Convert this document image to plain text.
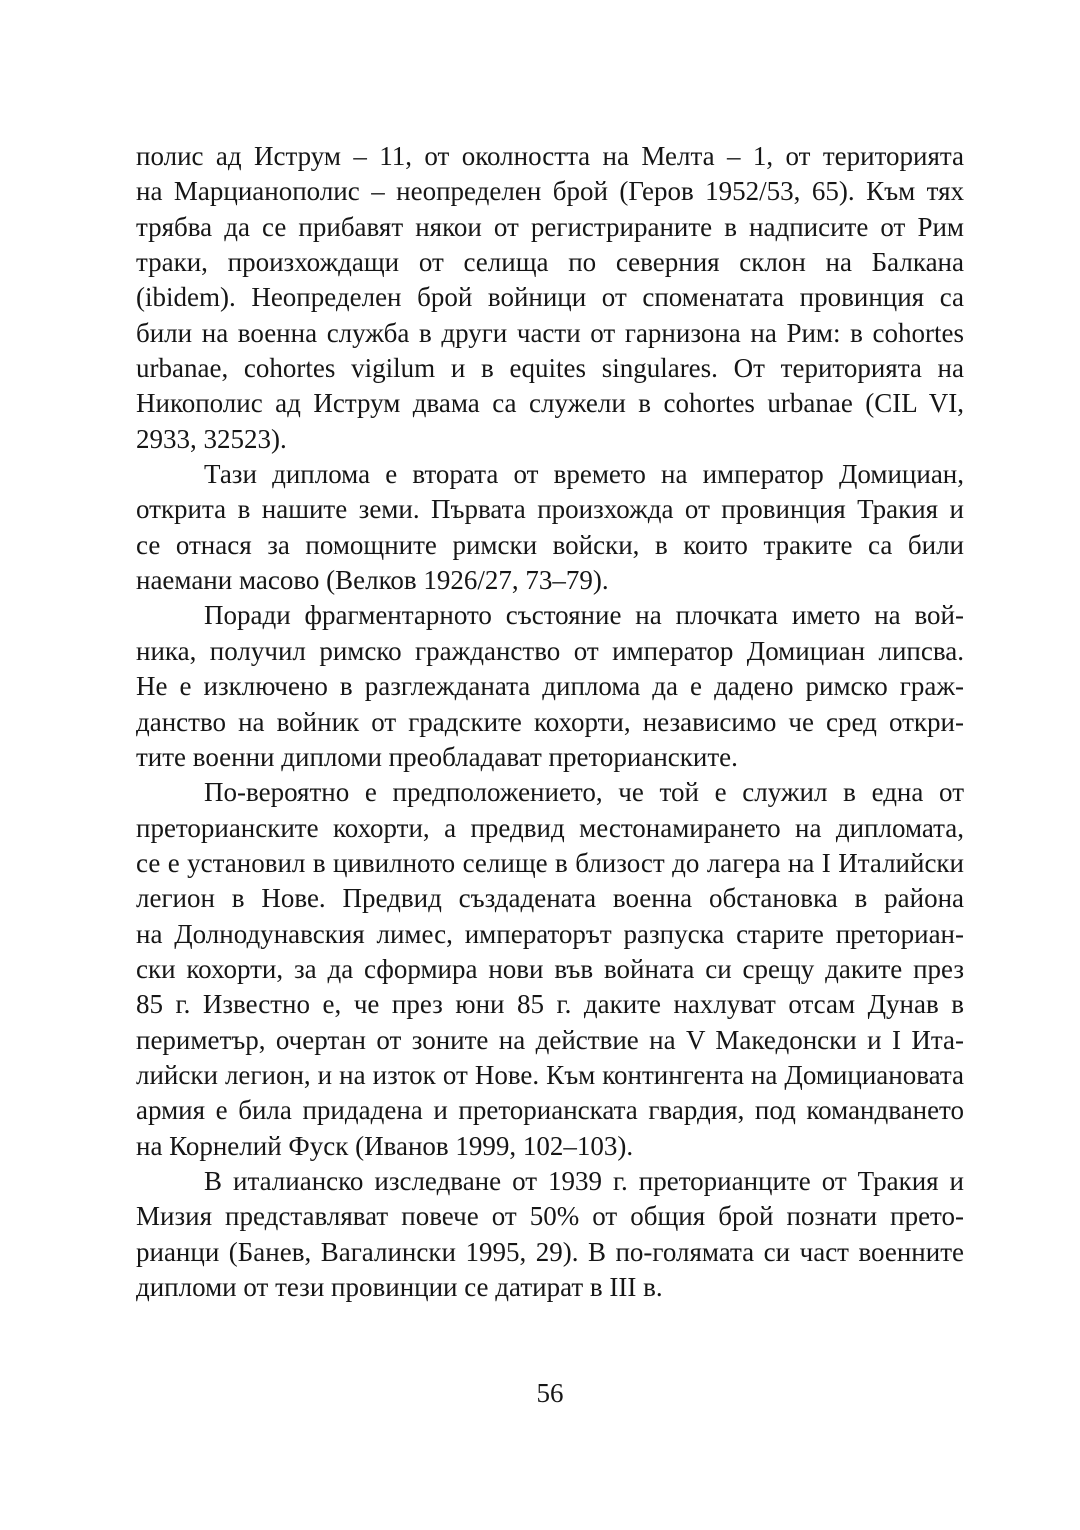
полис ад Иструм – 11, от околността на Мелта – 1, от територията
на Марцианополис – неопределен брой (Геров 1952/53, 65). Към тях
трябва да се прибавят някои от регистрираните в надписите от Рим
траки, произхождащи от селища по северния склон на Балкана
(ibidem). Неопределен брой войници от споменатата провинция са
били на военна служба в други части от гарнизона на Рим: в cohortes
urbanae, cohortes vigilum и в equites singulares. От територията на
Никополис ад Иструм двама са служели в cohortes urbanae (CIL VI,
2933, 32523).
Тази диплома е втората от времето на император Домициан,
открита в нашите земи. Първата произхожда от провинция Тракия и
се отнася за помощните римски войски, в които траките са били
наемани масово (Велков 1926/27, 73–79).
Поради фрагментарното състояние на плочката името на вой-
ника, получил римско гражданство от император Домициан липсва.
Не е изключено в разглежданата диплома да е дадено римско граж-
данство на войник от градските кохорти, независимо че сред откри-
тите военни дипломи преобладават преторианските.
По-вероятно е предположението, че той е служил в една от
преторианските кохорти, а предвид местонамирането на дипломата,
се е установил в цивилното селище в близост до лагера на I Италийски
легион в Нове. Предвид създадената военна обстановка в района
на Долнодунавския лимес, императорът разпуска старите преториан-
ски кохорти, за да сформира нови във войната си срещу даките през
85 г. Известно е, че през юни 85 г. даките нахлуват отсам Дунав в
периметър, очертан от зоните на действие на V Македонски и I Ита-
лийски легион, и на изток от Нове. Към контингента на Домициановата
армия е била придадена и преторианската гвардия, под командването
на Корнелий Фуск (Иванов 1999, 102–103).
В италианско изследване от 1939 г. преторианците от Тракия и
Мизия представляват повече от 50% от общия брой познати прето-
рианци (Банев, Вагалински 1995, 29). В по-голямата си част военните
дипломи от тези провинции се датират в III в.
56
